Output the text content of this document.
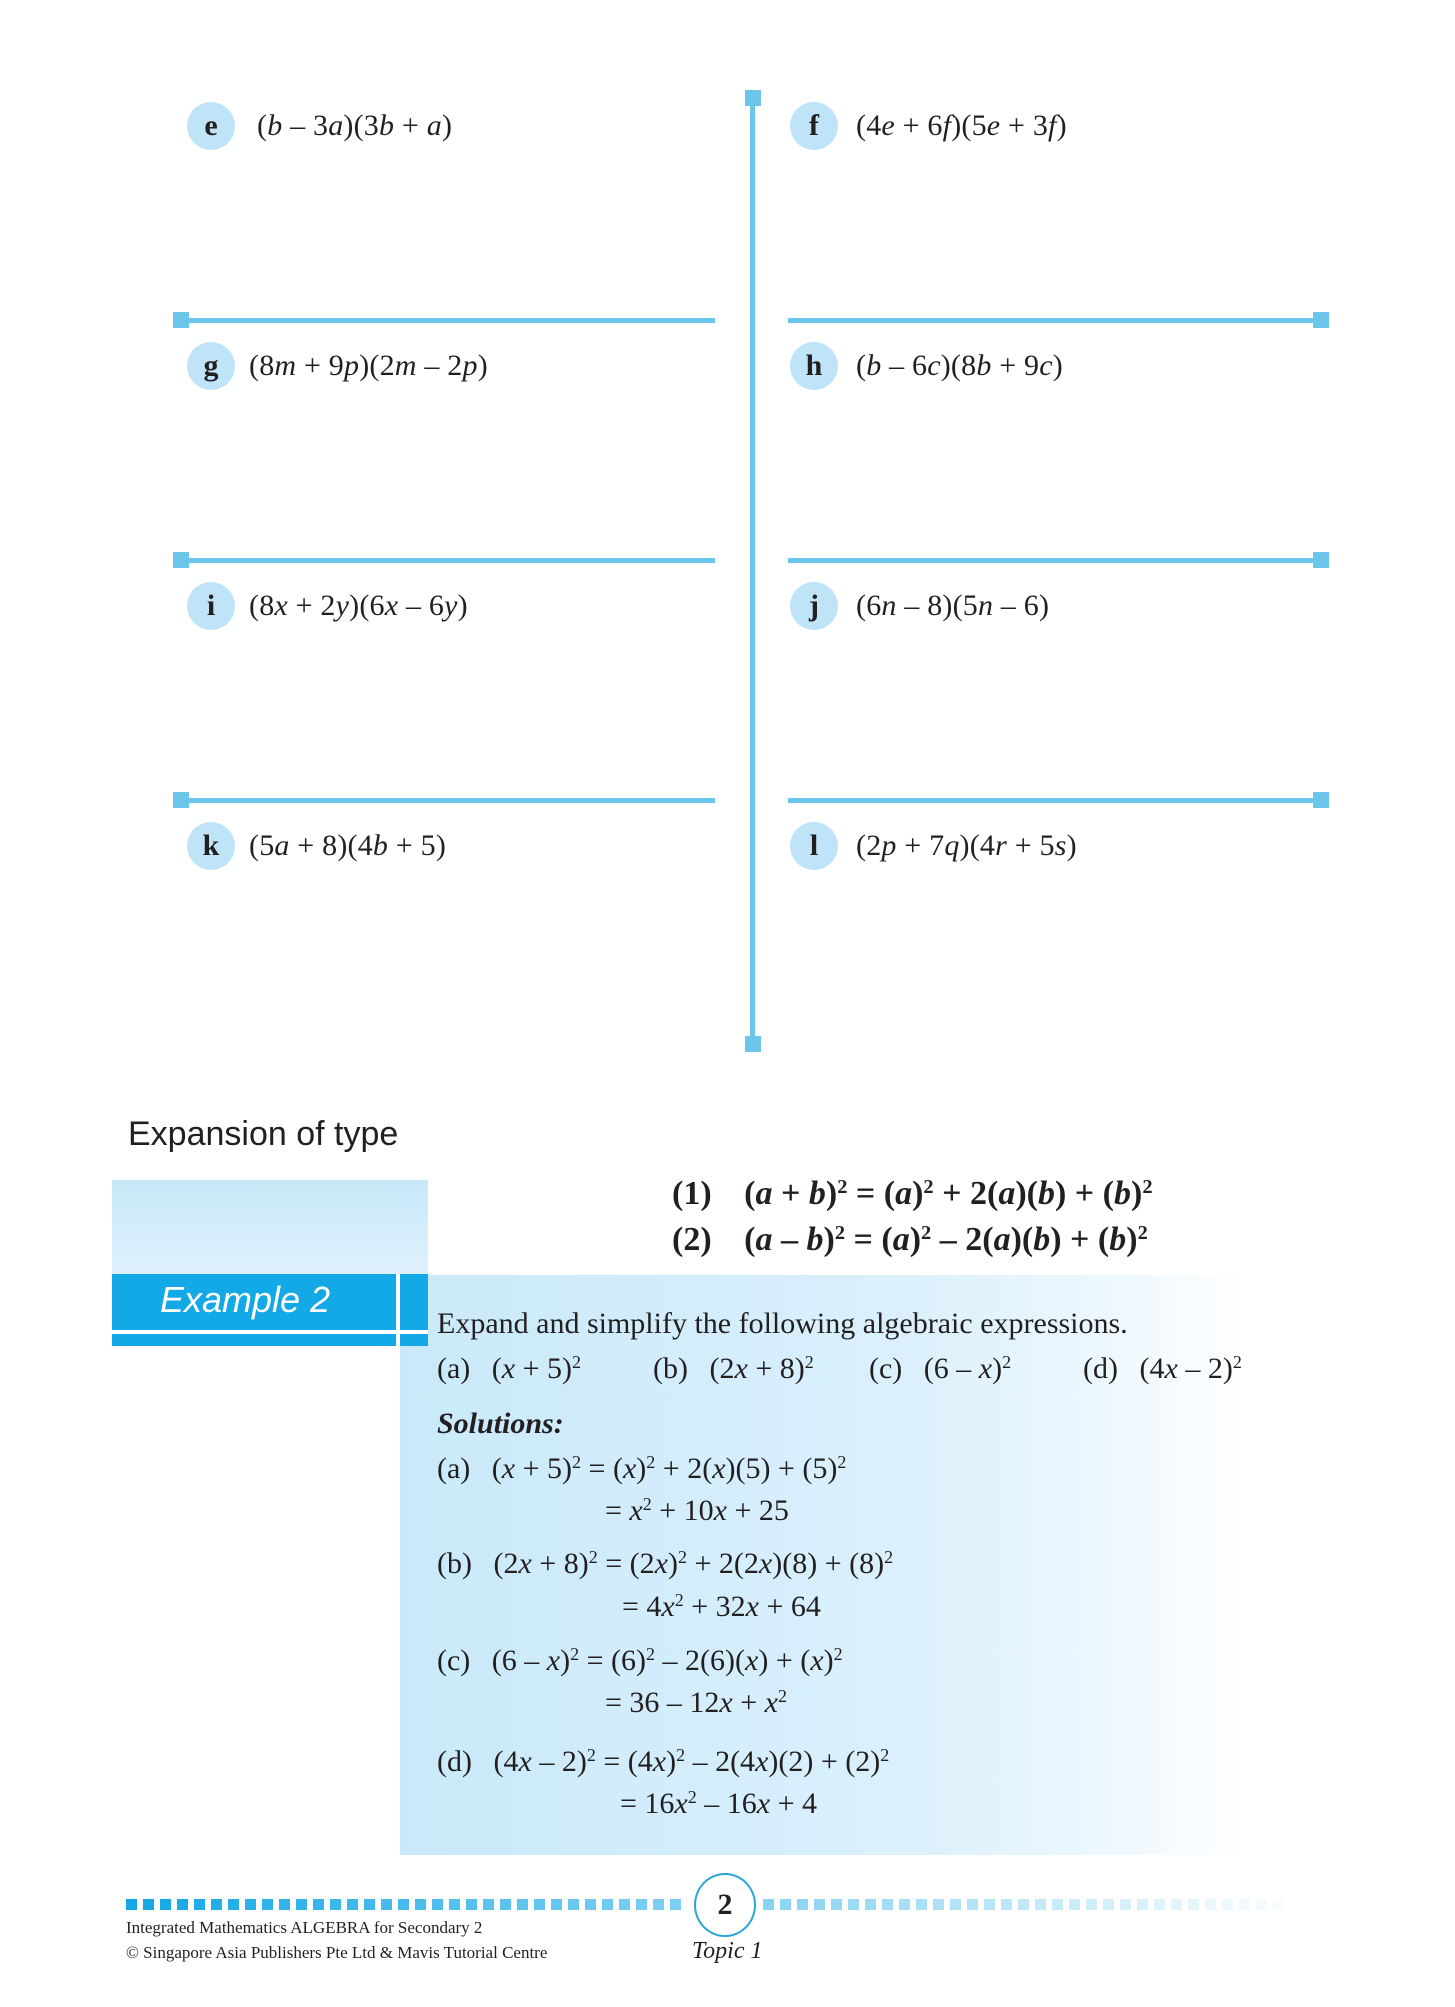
e	(b – 3a)(3b + a)	f	(4e + 6f)(5e + 3f)
g	(8m + 9p)(2m – 2p)	h	(b – 6c)(8b + 9c)
i	(8x + 2y)(6x – 6y)	j	(6n – 8)(5n – 6)
k (5a + 8)(4b + 5)	l	(2p + 7q)(4r + 5s)
Expansion of type
(1) $(a + b)^2 = (a)^2 + 2(a)(b) + (b)^2$
(2) $(a - b)^2 = (a)^2 - 2(a)(b) + (b)^2$
Example 2
Expand and simplify the following algebraic expressions.
(a) $(x + 5)^2$ (b) $(2x + 8)^2$ (c) (6 – x)$^2$ (d) (4x – 2)$^2$
Solutions:
(a) $(x + 5)^2 = (x)^2 + 2(x)(5) + (5)^2$
= $x^2 + 10x + 25$
(b) $(2x + 8)^2 = (2x)^2 + 2(2x)(8) + (8)^2$
= $4x^2 + 32x + 64$
(c) $(6 - x)^2 = (6)^2 - 2(6)(x) + (x)^2$
= $36 - 12x + x^2$
(d) $(4x - 2)^2 = (4x)^2 - 2(4x)(2) + (2)^2$
= $16x^2 - 16x + 4$
2
Integrated Mathematics ALGEBRA for Secondary 2
© Singapore Asia Publishers Pte Ltd & Mavis Tutorial Centre	Topic 1
